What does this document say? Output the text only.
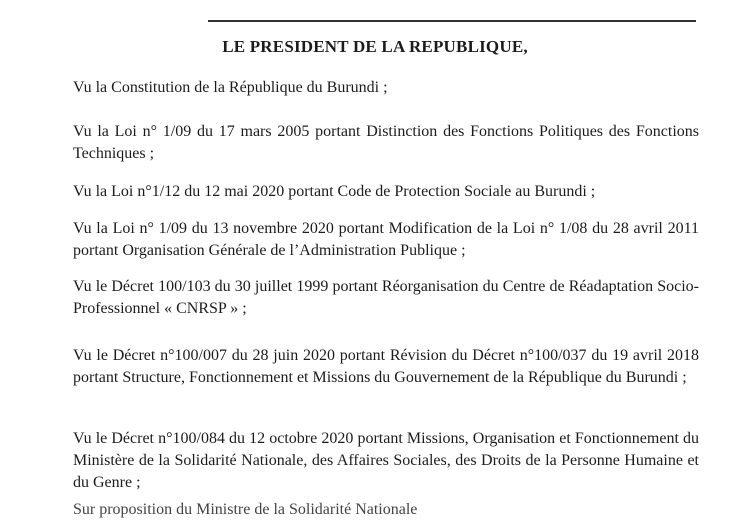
LE PRESIDENT DE LA REPUBLIQUE,

Vu la Constitution de la République du Burundi ;

Vu la Loi n° 1/09 du 17 mars 2005 portant Distinction des Fonctions Politiques des Fonctions Techniques ;

Vu la Loi n°1/12 du 12 mai 2020 portant Code de Protection Sociale au Burundi ;

Vu la Loi n° 1/09 du 13 novembre 2020 portant Modification de la Loi n° 1/08 du 28 avril 2011 portant Organisation Générale de l’Administration Publique ;

Vu le Décret 100/103 du 30 juillet 1999 portant Réorganisation du Centre de Réadaptation Socio-Professionnel « CNRSP » ;

Vu le Décret n°100/007 du 28 juin 2020 portant Révision du Décret n°100/037 du 19 avril 2018 portant Structure, Fonctionnement et Missions du Gouvernement de la République du Burundi ;

Vu le Décret n°100/084 du 12 octobre 2020 portant Missions, Organisation et Fonctionnement du Ministère de la Solidarité Nationale, des Affaires Sociales, des Droits de la Personne Humaine et du Genre ;

Sur proposition du Ministre de la Solidarité Nationale
